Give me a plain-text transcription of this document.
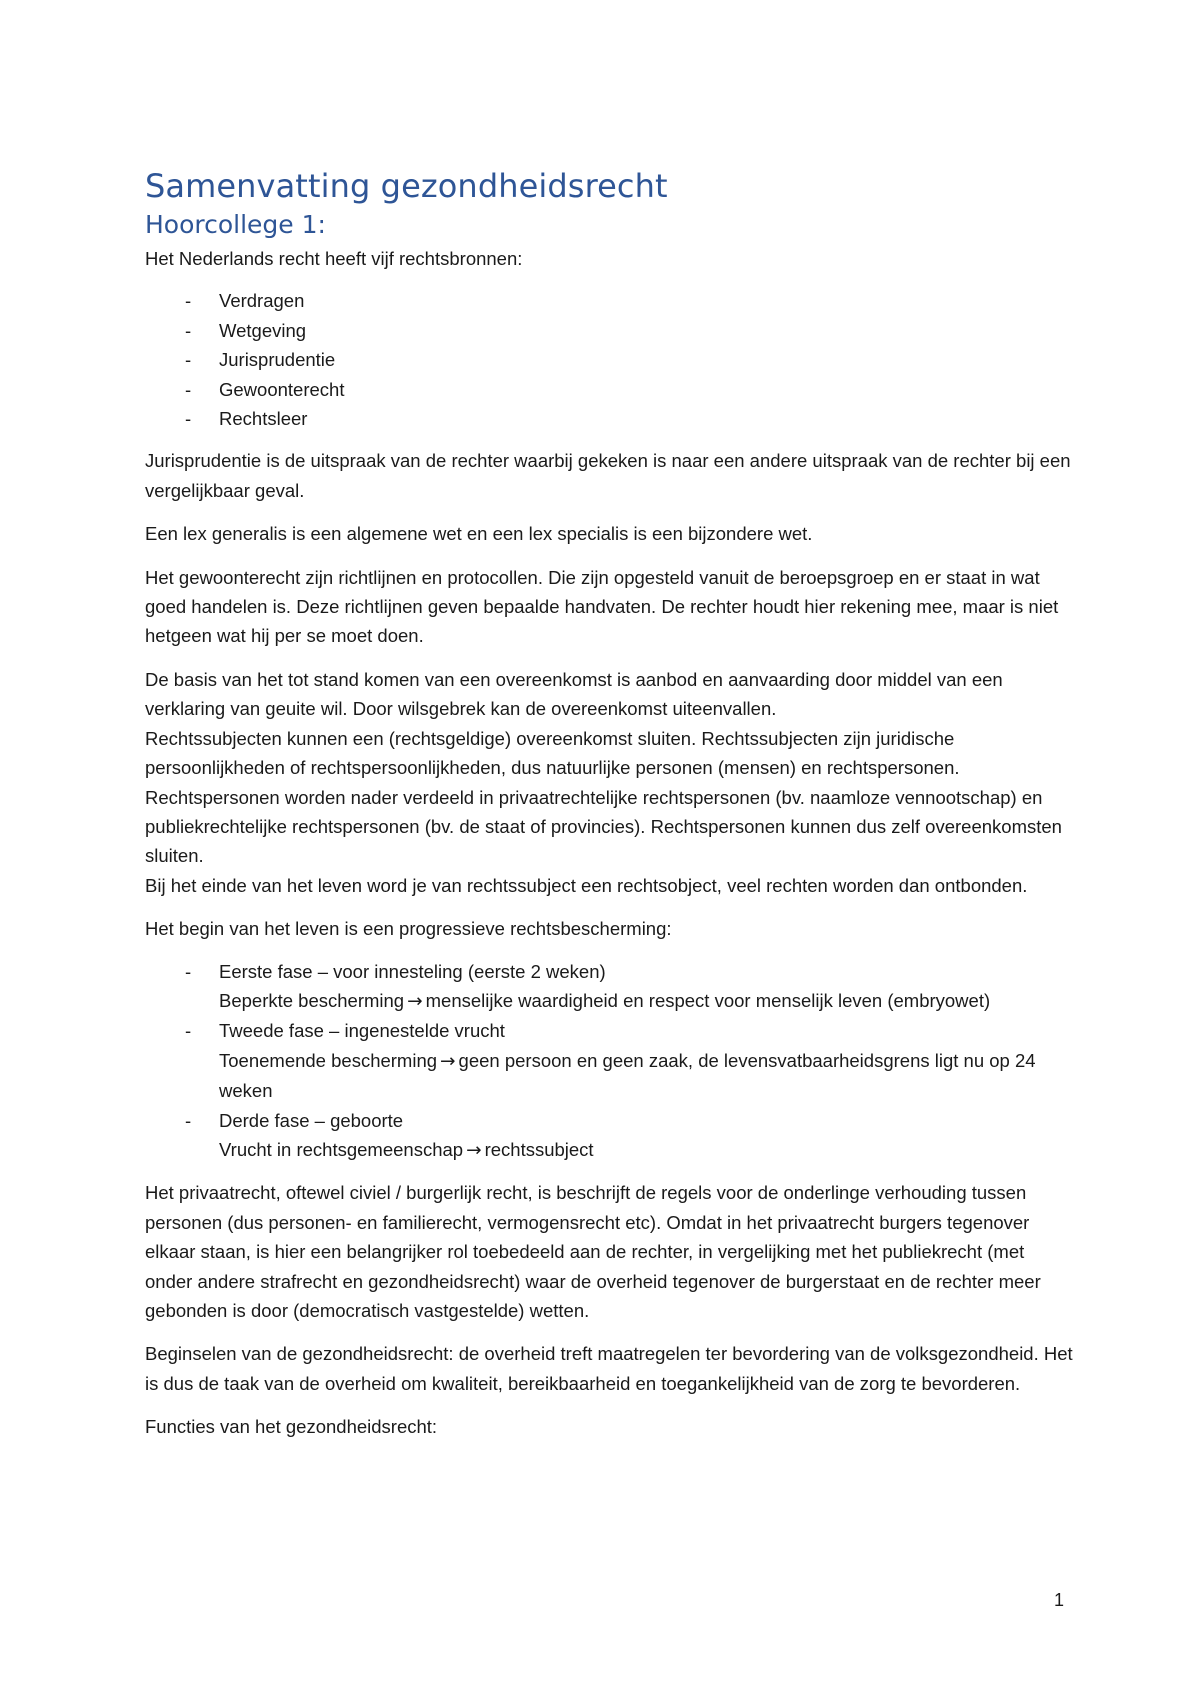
Samenvatting gezondheidsrecht
Hoorcollege 1:

Het Nederlands recht heeft vijf rechtsbronnen:

- Verdragen
- Wetgeving
- Jurisprudentie
- Gewoonterecht
- Rechtsleer

Jurisprudentie is de uitspraak van de rechter waarbij gekeken is naar een andere uitspraak van de rechter bij een vergelijkbaar geval.

Een lex generalis is een algemene wet en een lex specialis is een bijzondere wet.

Het gewoonterecht zijn richtlijnen en protocollen. Die zijn opgesteld vanuit de beroepsgroep en er staat in wat goed handelen is. Deze richtlijnen geven bepaalde handvaten. De rechter houdt hier rekening mee, maar is niet hetgeen wat hij per se moet doen.

De basis van het tot stand komen van een overeenkomst is aanbod en aanvaarding door middel van een verklaring van geuite wil. Door wilsgebrek kan de overeenkomst uiteenvallen.

Rechtssubjecten kunnen een (rechtsgeldige) overeenkomst sluiten. Rechtssubjecten zijn juridische persoonlijkheden of rechtspersoonlijkheden, dus natuurlijke personen (mensen) en rechtspersonen.

Rechtspersonen worden nader verdeeld in privaatrechtelijke rechtspersonen (bv. naamloze vennootschap) en publiekrechtelijke rechtspersonen (bv. de staat of provincies). Rechtspersonen kunnen dus zelf overeenkomsten sluiten.

Bij het einde van het leven word je van rechtssubject een rechtsobject, veel rechten worden dan ontbonden.

Het begin van het leven is een progressieve rechtsbescherming:

- Eerste fase – voor innesteling (eerste 2 weken)
Beperkte bescherming → menselijke waardigheid en respect voor menselijk leven (embryowet)
- Tweede fase – ingenestelde vrucht
Toenemende bescherming → geen persoon en geen zaak, de levensvatbaarheidsgrens ligt nu op 24 weken
- Derde fase – geboorte
Vrucht in rechtsgemeenschap → rechtssubject

Het privaatrecht, oftewel civiel / burgerlijk recht, is beschrijft de regels voor de onderlinge verhouding tussen personen (dus personen- en familierecht, vermogensrecht etc). Omdat in het privaatrecht burgers tegenover elkaar staan, is hier een belangrijker rol toebedeeld aan de rechter, in vergelijking met het publiekrecht (met onder andere strafrecht en gezondheidsrecht) waar de overheid tegenover de burgerstaat en de rechter meer gebonden is door (democratisch vastgestelde) wetten.

Beginselen van de gezondheidsrecht: de overheid treft maatregelen ter bevordering van de volksgezondheid. Het is dus de taak van de overheid om kwaliteit, bereikbaarheid en toegankelijkheid van de zorg te bevorderen.

Functies van het gezondheidsrecht:

1
